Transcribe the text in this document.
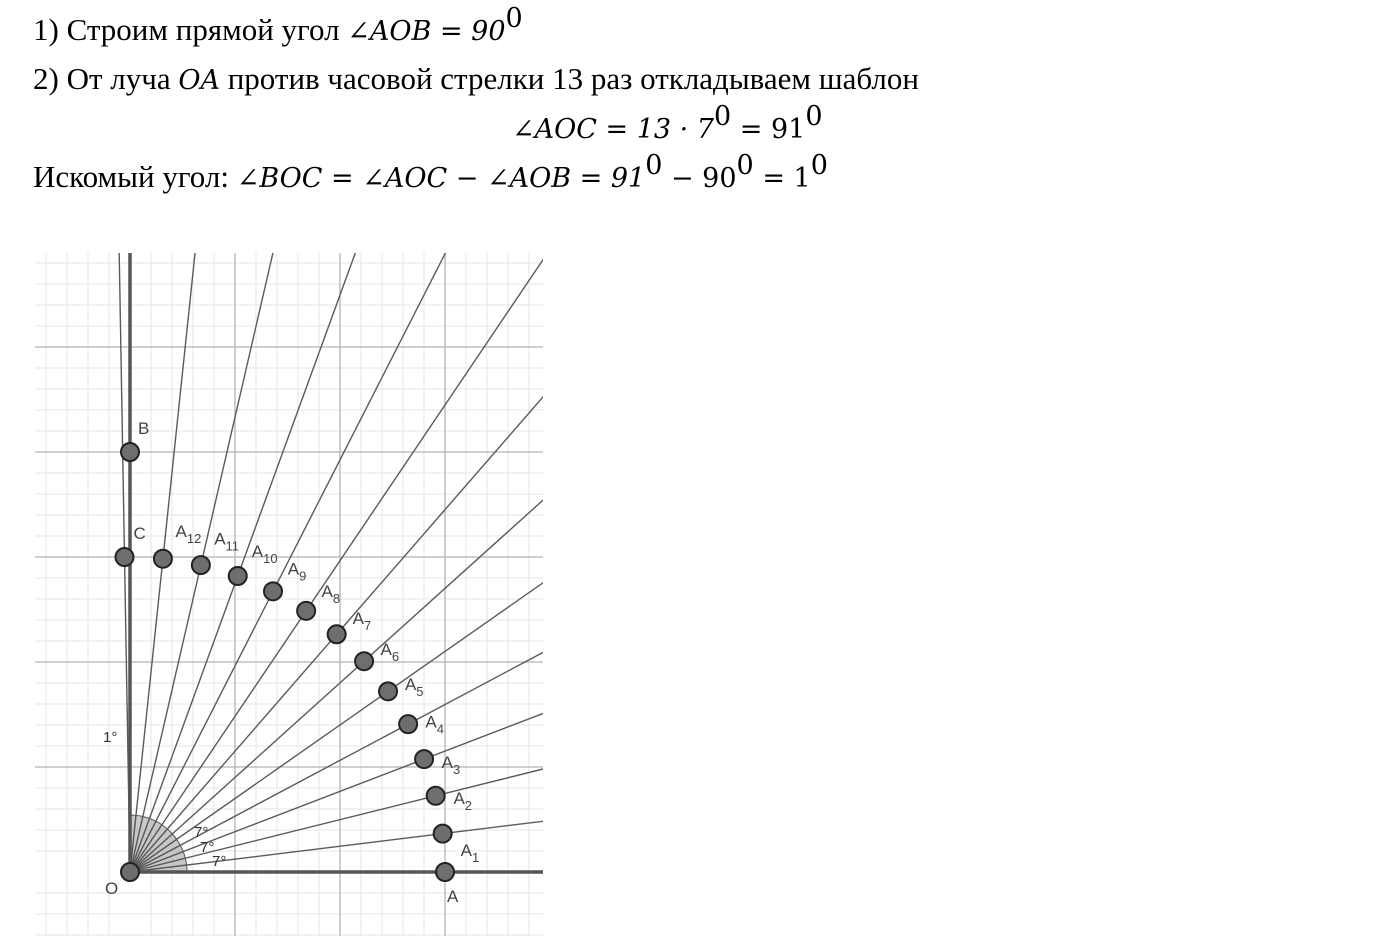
1) Строим прямой угол ∠AOB = $90^0$
2) От луча OA против часовой стрелки 13 раз откладываем шаблон
∠AOC = $13 \cdot 7^0 = 91^0$
Искомый угол: ∠BOC = ∠AOC − ∠AOB = $91^0 - 90^0 = 1^0$
O	A
B
C
$A_1$
$A_2$
$A_3$
$A_4$
$A_5$
$A_6$
$A_7$
$A_8$
$A_9$
$A_{10}$
$A_{11}$
$A_{12}$
7°
7°
7°
1°
